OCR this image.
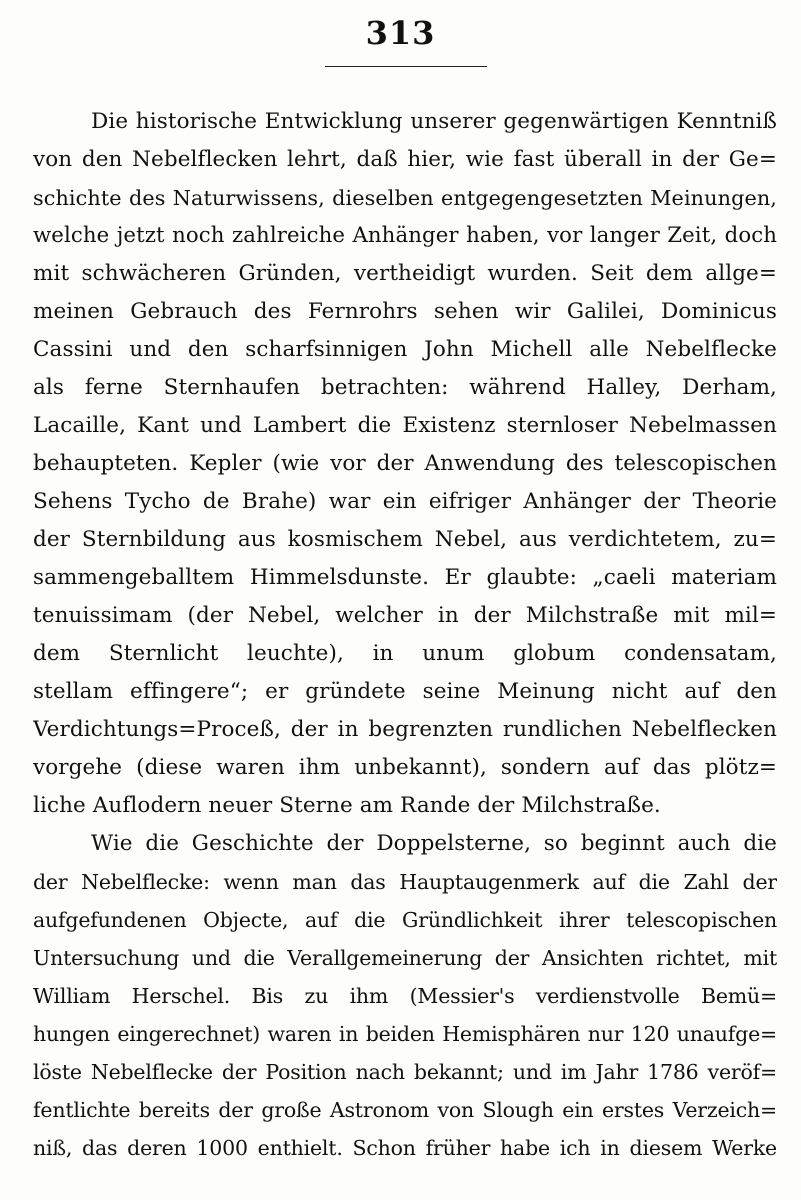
313
Die historische Entwicklung unserer gegenwärtigen Kenntniß
von den Nebelflecken lehrt, daß hier, wie fast überall in der Ge=
schichte des Naturwissens, dieselben entgegengesetzten Meinungen,
welche jetzt noch zahlreiche Anhänger haben, vor langer Zeit, doch
mit schwächeren Gründen, vertheidigt wurden. Seit dem allge=
meinen Gebrauch des Fernrohrs sehen wir Galilei, Dominicus
Cassini und den scharfsinnigen John Michell alle Nebelflecke
als ferne Sternhaufen betrachten: während Halley, Derham,
Lacaille, Kant und Lambert die Existenz sternloser Nebelmassen
behaupteten. Kepler (wie vor der Anwendung des telescopischen
Sehens Tycho de Brahe) war ein eifriger Anhänger der Theorie
der Sternbildung aus kosmischem Nebel, aus verdichtetem, zu=
sammengeballtem Himmelsdunste. Er glaubte: „caeli materiam
tenuissimam (der Nebel, welcher in der Milchstraße mit mil=
dem Sternlicht leuchte), in unum globum condensatam,
stellam effingere“; er gründete seine Meinung nicht auf den
Verdichtungs=Proceß, der in begrenzten rundlichen Nebelflecken
vorgehe (diese waren ihm unbekannt), sondern auf das plötz=
liche Auflodern neuer Sterne am Rande der Milchstraße.
Wie die Geschichte der Doppelsterne, so beginnt auch die
der Nebelflecke: wenn man das Hauptaugenmerk auf die Zahl der
aufgefundenen Objecte, auf die Gründlichkeit ihrer telescopischen
Untersuchung und die Verallgemeinerung der Ansichten richtet, mit
William Herschel. Bis zu ihm (Messier's verdienstvolle Bemü=
hungen eingerechnet) waren in beiden Hemisphären nur 120 unaufge=
löste Nebelflecke der Position nach bekannt; und im Jahr 1786 veröf=
fentlichte bereits der große Astronom von Slough ein erstes Verzeich=
niß, das deren 1000 enthielt. Schon früher habe ich in diesem Werke
